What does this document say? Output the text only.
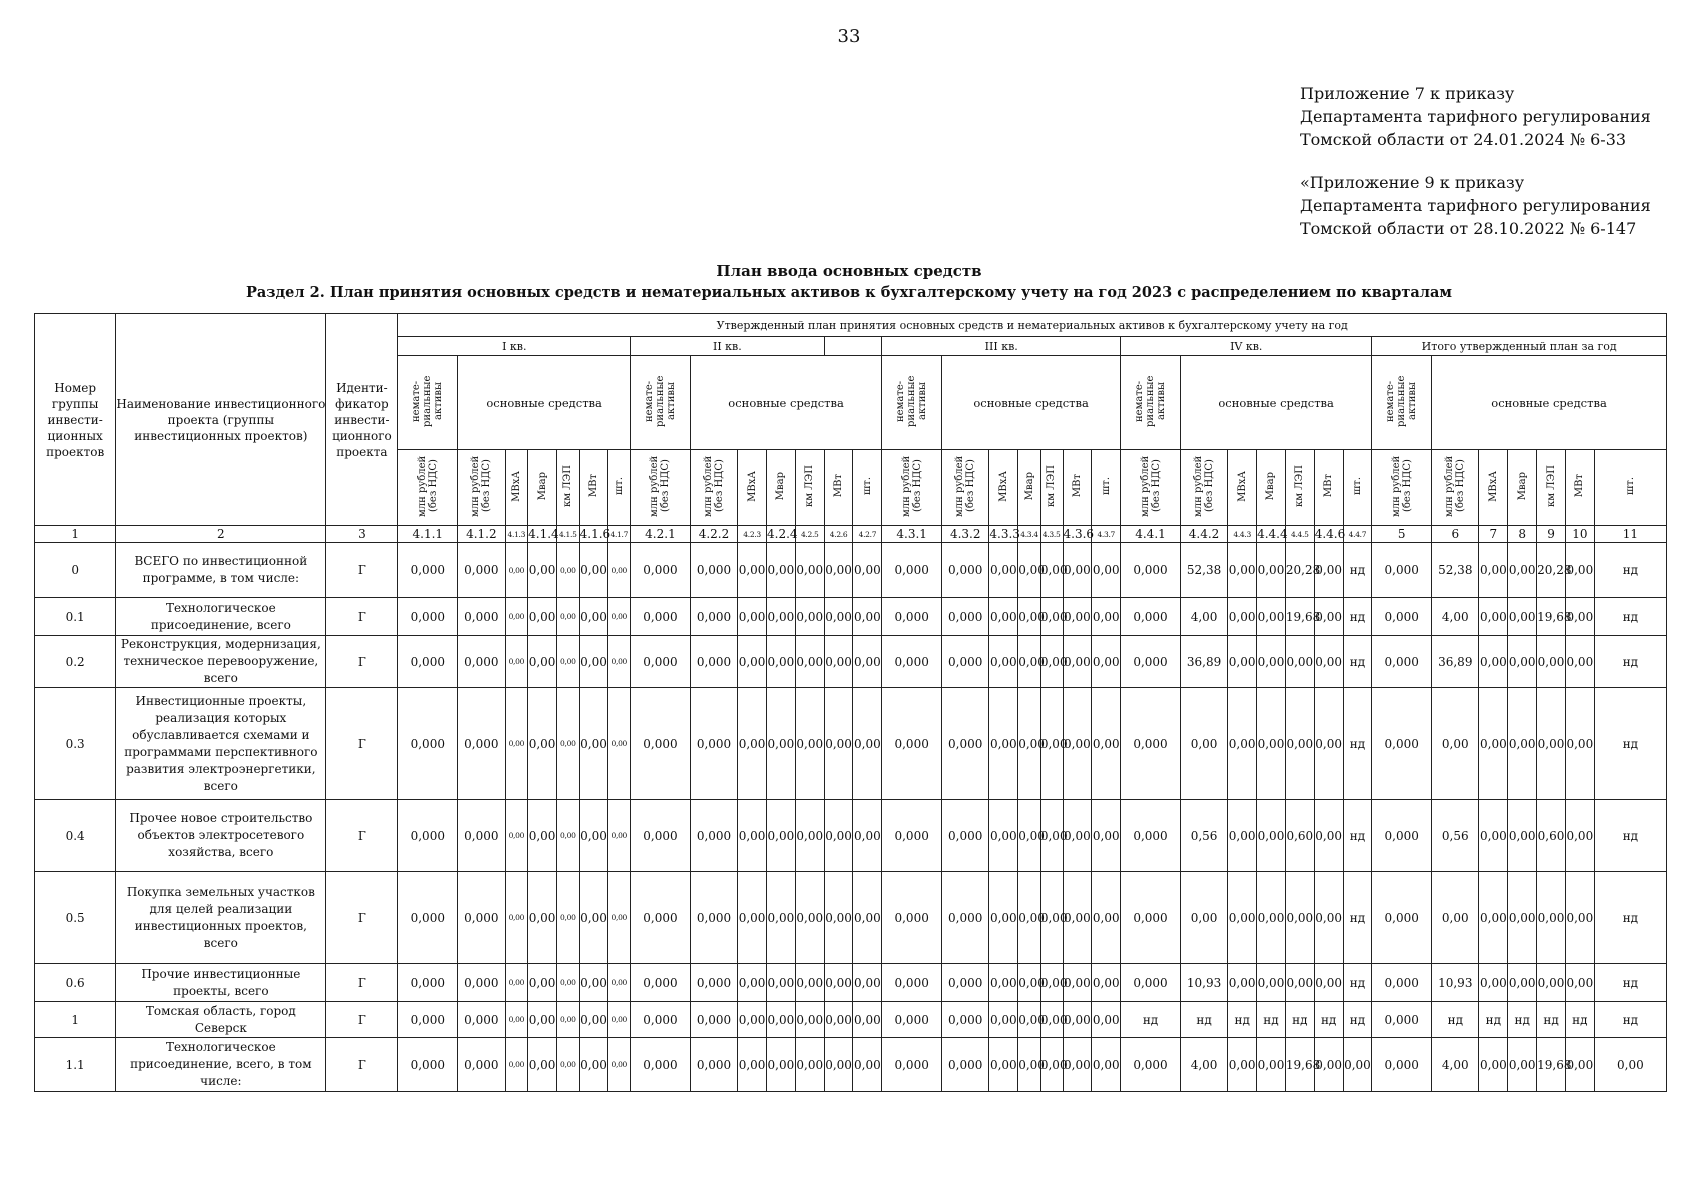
33
Приложение 7 к приказу
Департамента тарифного регулирования
Томской области от 24.01.2024 № 6-33
«Приложение 9 к приказу
Департамента тарифного регулирования
Томской области от 28.10.2022 № 6-147
План ввода основных средств
Раздел 2. План принятия основных средств и нематериальных активов к бухгалтерскому учету на год 2023 с распределением по кварталам
Номер группы инвести-ционных проектов	Наименование инвестиционного проекта (группы инвестиционных проектов)	Иденти-фикатор инвести-ционного проекта	Утвержденный план принятия основных средств и нематериальных активов к бухгалтерскому учету на год																																		
			I кв.							II кв.							III кв.							IV кв.							Итого утвержденный план за год						
			немате-риальные активы	основные средства						немате-риальные активы	основные средства						немате-риальные активы	основные средства						немате-риальные активы	основные средства						немате-риальные активы	основные средства					
			млн рублей (без НДС)	млн рублей (без НДС)	МВхА	Мвар	км ЛЭП	МВт	шт.	млн рублей (без НДС)	млн рублей (без НДС)	МВхА	Мвар	км ЛЭП	МВт	шт.	млн рублей (без НДС)	млн рублей (без НДС)	МВхА	Мвар	км ЛЭП	МВт	шт.	млн рублей (без НДС)	млн рублей (без НДС)	МВхА	Мвар	км ЛЭП	МВт	шт.	млн рублей (без НДС)	млн рублей (без НДС)	МВхА	Мвар	км ЛЭП	МВт	шт.
1	2	3	4.1.1	4.1.2	4.1.3	4.1.4	4.1.5	4.1.6	4.1.7	4.2.1	4.2.2	4.2.3	4.2.4	4.2.5	4.2.6	4.2.7	4.3.1	4.3.2	4.3.3	4.3.4	4.3.5	4.3.6	4.3.7	4.4.1	4.4.2	4.4.3	4.4.4	4.4.5	4.4.6	4.4.7	5	6	7	8	9	10	11
0	ВСЕГО по инвестиционной программе, в том числе:	Г	0,000	0,000	0,00	0,00	0,00	0,00	0,00	0,000	0,000	0,00	0,00	0,00	0,00	0,00	0,000	0,000	0,00	0,00	0,00	0,00	0,00	0,000	52,38	0,00	0,00	20,28	0,00	нд	0,000	52,38	0,00	0,00	20,28	0,00	нд
0.1	Технологическое присоединение, всего	Г	0,000	0,000	0,00	0,00	0,00	0,00	0,00	0,000	0,000	0,00	0,00	0,00	0,00	0,00	0,000	0,000	0,00	0,00	0,00	0,00	0,00	0,000	4,00	0,00	0,00	19,68	0,00	нд	0,000	4,00	0,00	0,00	19,68	0,00	нд
0.2	Реконструкция, модернизация, техническое перевооружение, всего	Г	0,000	0,000	0,00	0,00	0,00	0,00	0,00	0,000	0,000	0,00	0,00	0,00	0,00	0,00	0,000	0,000	0,00	0,00	0,00	0,00	0,00	0,000	36,89	0,00	0,00	0,00	0,00	нд	0,000	36,89	0,00	0,00	0,00	0,00	нд
0.3	Инвестиционные проекты, реализация которых обуславливается схемами и программами перспективного развития электроэнергетики, всего	Г	0,000	0,000	0,00	0,00	0,00	0,00	0,00	0,000	0,000	0,00	0,00	0,00	0,00	0,00	0,000	0,000	0,00	0,00	0,00	0,00	0,00	0,000	0,00	0,00	0,00	0,00	0,00	нд	0,000	0,00	0,00	0,00	0,00	0,00	нд
0.4	Прочее новое строительство объектов электросетевого хозяйства, всего	Г	0,000	0,000	0,00	0,00	0,00	0,00	0,00	0,000	0,000	0,00	0,00	0,00	0,00	0,00	0,000	0,000	0,00	0,00	0,00	0,00	0,00	0,000	0,56	0,00	0,00	0,60	0,00	нд	0,000	0,56	0,00	0,00	0,60	0,00	нд
0.5	Покупка земельных участков для целей реализации инвестиционных проектов, всего	Г	0,000	0,000	0,00	0,00	0,00	0,00	0,00	0,000	0,000	0,00	0,00	0,00	0,00	0,00	0,000	0,000	0,00	0,00	0,00	0,00	0,00	0,000	0,00	0,00	0,00	0,00	0,00	нд	0,000	0,00	0,00	0,00	0,00	0,00	нд
0.6	Прочие инвестиционные проекты, всего	Г	0,000	0,000	0,00	0,00	0,00	0,00	0,00	0,000	0,000	0,00	0,00	0,00	0,00	0,00	0,000	0,000	0,00	0,00	0,00	0,00	0,00	0,000	10,93	0,00	0,00	0,00	0,00	нд	0,000	10,93	0,00	0,00	0,00	0,00	нд
1	Томская область, город Северск	Г	0,000	0,000	0,00	0,00	0,00	0,00	0,00	0,000	0,000	0,00	0,00	0,00	0,00	0,00	0,000	0,000	0,00	0,00	0,00	0,00	0,00	нд	нд	нд	нд	нд	нд	нд	0,000	нд	нд	нд	нд	нд	нд
1.1	Технологическое присоединение, всего, в том числе:	Г	0,000	0,000	0,00	0,00	0,00	0,00	0,00	0,000	0,000	0,00	0,00	0,00	0,00	0,00	0,000	0,000	0,00	0,00	0,00	0,00	0,00	0,000	4,00	0,00	0,00	19,68	0,00	0,00	0,000	4,00	0,00	0,00	19,68	0,00	0,00
